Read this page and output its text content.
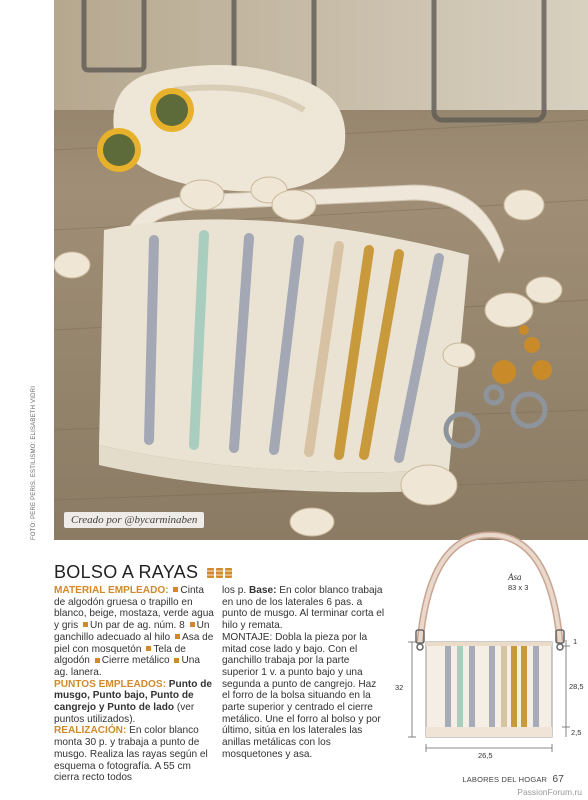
FOTO: PERE PERIS. ESTILISMO: ELISABETH VIDRI	Creado por @bycarminaben
BOLSO A RAYAS

MATERIAL EMPLEADO: Cinta de algodón gruesa o trapillo en blanco, beige, mostaza, verde agua y gris Un par de ag. núm. 8 Un ganchillo adecuado al hilo Asa de piel con mosquetón Tela de algodón Cierre metálico Una ag. lanera.

PUNTOS EMPLEADOS: Punto de musgo, Punto bajo, Punto de cangrejo y Punto de lado (ver puntos utilizados).

REALIZACIÓN: En color blanco monta 30 p. y trabaja a punto de musgo. Realiza las rayas según el esquema o fotografía. A 55 cm cierra recto todos

los p. Base: En color blanco trabaja en uno de los laterales 6 pas. a punto de musgo. Al terminar corta el hilo y remata.

MONTAJE: Dobla la pieza por la mitad cose lado y bajo. Con el ganchillo trabaja por la parte superior 1 v. a punto bajo y una segunda a punto de cangrejo. Haz el forro de la bolsa situando en la parte superior y centrado el cierre metálico. Une el forro al bolso y por último, sitúa en los laterales las anillas metálicas con los mosquetones y asa.

Asa
83 x 3
1
32	28,5
2,5
26,5
LABORES DEL HOGAR 67
PassionForum.ru
